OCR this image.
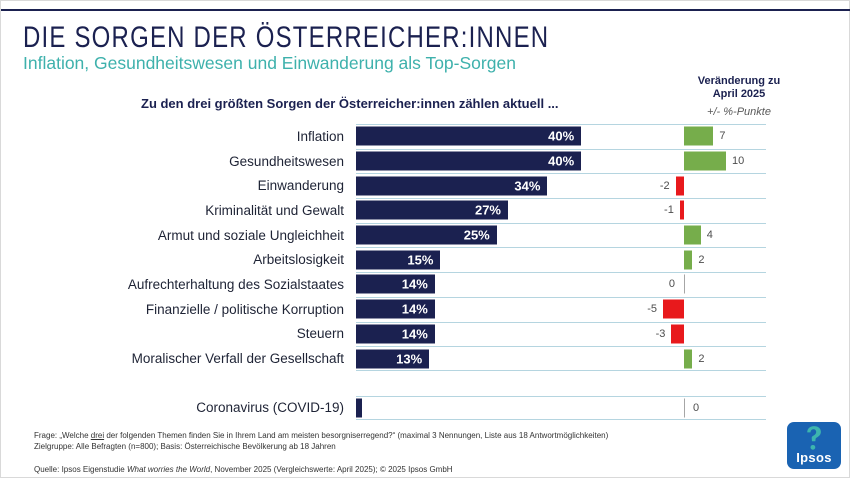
DIE SORGEN DER ÖSTERREICHER:INNEN
Inflation, Gesundheitswesen und Einwanderung als Top-Sorgen
Zu den drei größten Sorgen der Österreicher:innen zählen aktuell ...
Veränderung zu
April 2025
+/- %-Punkte
Inflation	40%	7
Gesundheitswesen	40%	10
Einwanderung	34%	-2
Kriminalität und Gewalt	27%	-1
Armut und soziale Ungleichheit	25%	4
Arbeitslosigkeit	15%	2
Aufrechterhaltung des Sozialstaates	14%	0
Finanzielle / politische Korruption	14%	-5
Steuern	14%	-3
Moralischer Verfall der Gesellschaft	13%	2
Coronavirus (COVID-19)	0
Frage: „Welche drei der folgenden Themen finden Sie in Ihrem Land am meisten besorgniserregend?“ (maximal 3 Nennungen, Liste aus 18 Antwortmöglichkeiten)
Zielgruppe: Alle Befragten (n=800); Basis: Österreichische Bevölkerung ab 18 Jahren
Quelle: Ipsos Eigenstudie What worries the World, November 2025 (Vergleichswerte: April 2025); © 2025 Ipsos GmbH
Ipsos
